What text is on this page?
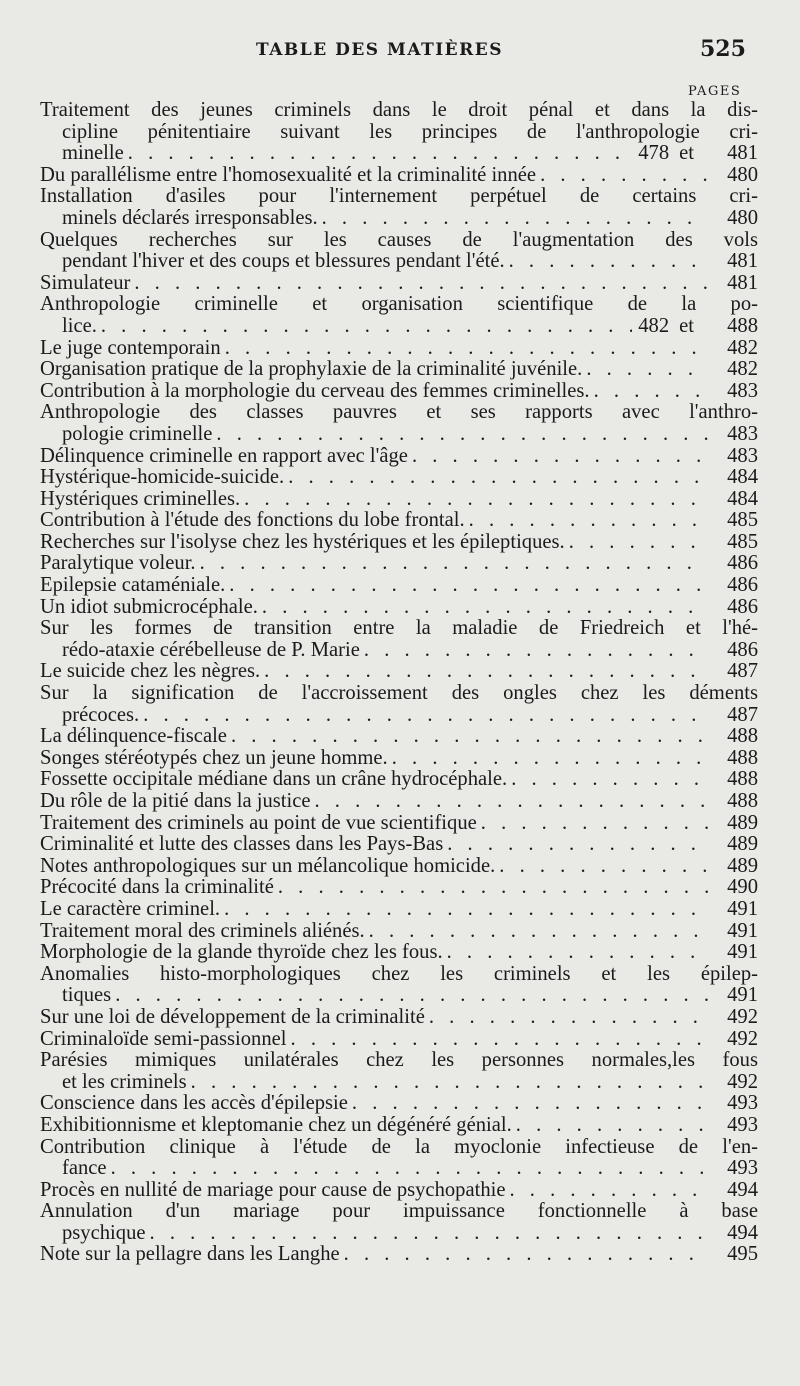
TABLE DES MATIÈRES	525
PAGES
Traitement des jeunes criminels dans le droit pénal et dans la dis-
cipline pénitentiaire suivant les principes de l'anthropologie cri-
minelle . . .	478 et	481
Du parallélisme entre l'homosexualité et la criminalité innée . . .	480
Installation d'asiles pour l'internement perpétuel de certains cri-
minels déclarés irresponsables. . . .	480
Quelques recherches sur les causes de l'augmentation des vols
pendant l'hiver et des coups et blessures pendant l'été. . . .	481
Simulateur . . .	481
Anthropologie criminelle et organisation scientifique de la po-
lice. . . .	482 et	488
Le juge contemporain . . .	482
Organisation pratique de la prophylaxie de la criminalité juvénile. . . .	482
Contribution à la morphologie du cerveau des femmes criminelles. . . .	483
Anthropologie des classes pauvres et ses rapports avec l'anthro-
pologie criminelle . . .	483
Délinquence criminelle en rapport avec l'âge . . .	483
Hystérique-homicide-suicide. . . .	484
Hystériques criminelles. . . .	484
Contribution à l'étude des fonctions du lobe frontal. . . .	485
Recherches sur l'isolyse chez les hystériques et les épileptiques. . . .	485
Paralytique voleur. . . .	486
Epilepsie cataméniale. . . .	486
Un idiot submicrocéphale. . . .	486
Sur les formes de transition entre la maladie de Friedreich et l'hé-
rédo-ataxie cérébelleuse de P. Marie . . .	486
Le suicide chez les nègres. . . .	487
Sur la signification de l'accroissement des ongles chez les déments
précoces. . . .	487
La délinquence-fiscale . . .	488
Songes stéréotypés chez un jeune homme. . . .	488
Fossette occipitale médiane dans un crâne hydrocéphale. . . .	488
Du rôle de la pitié dans la justice . . .	488
Traitement des criminels au point de vue scientifique . . .	489
Criminalité et lutte des classes dans les Pays-Bas . . .	489
Notes anthropologiques sur un mélancolique homicide. . . .	489
Précocité dans la criminalité . . .	490
Le caractère criminel. . . .	491
Traitement moral des criminels aliénés. . . .	491
Morphologie de la glande thyroïde chez les fous. . . .	491
Anomalies histo-morphologiques chez les criminels et les épilep-
tiques . . .	491
Sur une loi de développement de la criminalité . . .	492
Criminaloïde semi-passionnel . . .	492
Parésies mimiques unilatérales chez les personnes normales,les fous
et les criminels . . .	492
Conscience dans les accès d'épilepsie . . .	493
Exhibitionnisme et kleptomanie chez un dégénéré génial. . . .	493
Contribution clinique à l'étude de la myoclonie infectieuse de l'en-
fance . . .	493
Procès en nullité de mariage pour cause de psychopathie . . .	494
Annulation d'un mariage pour impuissance fonctionnelle à base
psychique . . .	494
Note sur la pellagre dans les Langhe . . .	495
